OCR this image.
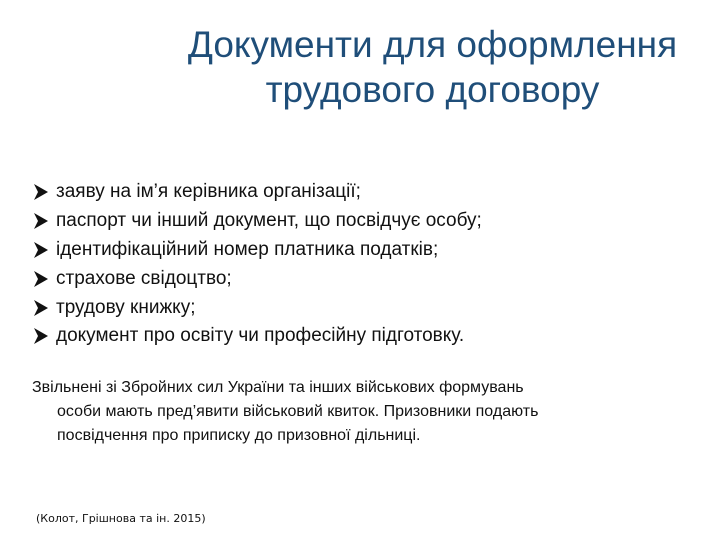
Документи для оформлення
трудового договору
заяву на ім’я керівника організації;
паспорт чи інший документ, що посвідчує особу;
ідентифікаційний номер платника податків;
страхове свідоцтво;
трудову книжку;
документ про освіту чи професійну підготовку.

Звільнені зі Збройних сил України та інших військових формувань
особи мають пред’явити військовий квиток. Призовники подають
посвідчення про приписку до призовної дільниці.

(Колот, Грішнова та ін. 2015)
